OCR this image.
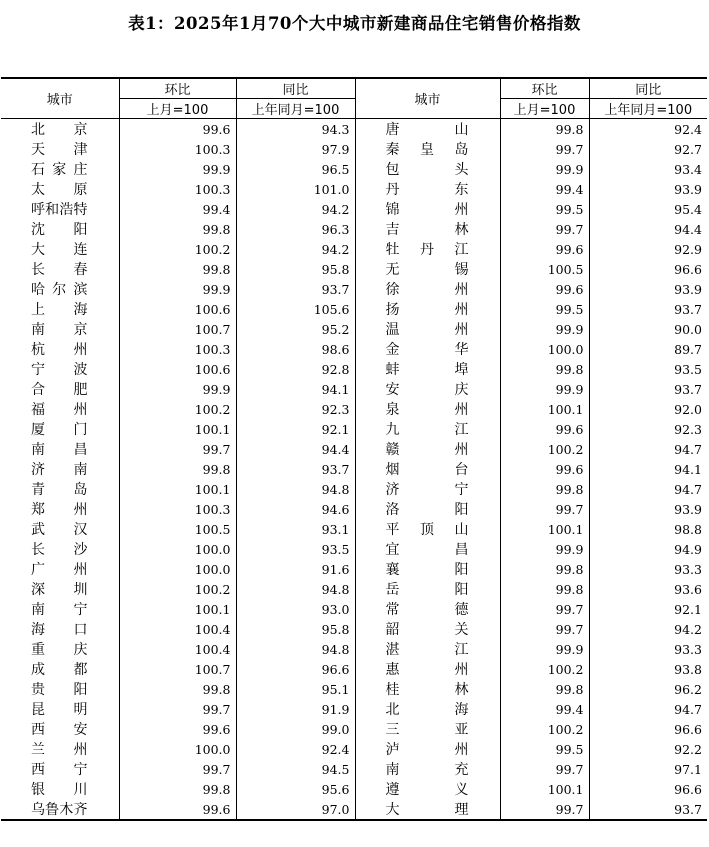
表1：2025年1月70个大中城市新建商品住宅销售价格指数
城市	环比	同比	城市	环比	同比
	上月=100	上年同月=100		上月=100	上年同月=100

北 京	99.6	94.3	唐 山	99.8	92.4

天 津	100.3	97.9	秦 皇 岛	99.7	92.7

石 家 庄	99.9	96.5	包 头	99.9	93.4

太 原	100.3	101.0	丹 东	99.4	93.9

呼 和 浩 特	99.4	94.2	锦 州	99.5	95.4

沈 阳	99.8	96.3	吉 林	99.7	94.4

大 连	100.2	94.2	牡 丹 江	99.6	92.9

长 春	99.8	95.8	无 锡	100.5	96.6

哈 尔 滨	99.9	93.7	徐 州	99.6	93.9

上 海	100.6	105.6	扬 州	99.5	93.7

南 京	100.7	95.2	温 州	99.9	90.0

杭 州	100.3	98.6	金 华	100.0	89.7

宁 波	100.6	92.8	蚌 埠	99.8	93.5

合 肥	99.9	94.1	安 庆	99.9	93.7

福 州	100.2	92.3	泉 州	100.1	92.0

厦 门	100.1	92.1	九 江	99.6	92.3

南 昌	99.7	94.4	赣 州	100.2	94.7

济 南	99.8	93.7	烟 台	99.6	94.1

青 岛	100.1	94.8	济 宁	99.8	94.7

郑 州	100.3	94.6	洛 阳	99.7	93.9

武 汉	100.5	93.1	平 顶 山	100.1	98.8

长 沙	100.0	93.5	宜 昌	99.9	94.9

广 州	100.0	91.6	襄 阳	99.8	93.3

深 圳	100.2	94.8	岳 阳	99.8	93.6

南 宁	100.1	93.0	常 德	99.7	92.1

海 口	100.4	95.8	韶 关	99.7	94.2

重 庆	100.4	94.8	湛 江	99.9	93.3

成 都	100.7	96.6	惠 州	100.2	93.8

贵 阳	99.8	95.1	桂 林	99.8	96.2

昆 明	99.7	91.9	北 海	99.4	94.7

西 安	99.6	99.0	三 亚	100.2	96.6

兰 州	100.0	92.4	泸 州	99.5	92.2

西 宁	99.7	94.5	南 充	99.7	97.1

银 川	99.8	95.6	遵 义	100.1	96.6

乌 鲁 木 齐	99.6	97.0	大 理	99.7	93.7
